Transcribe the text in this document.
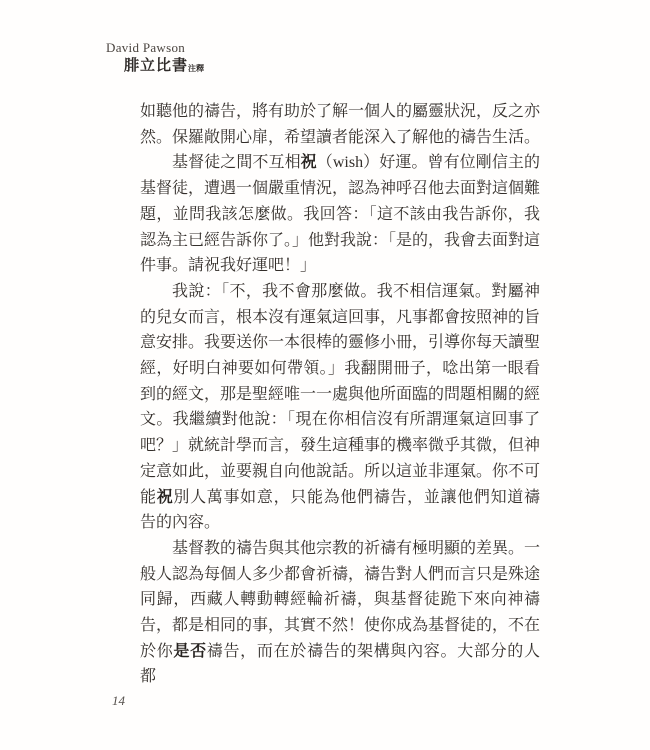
David Pawson
腓立比書注釋

如聽他的禱告，將有助於了解一個人的屬靈狀況，反之亦然。保羅敞開心扉，希望讀者能深入了解他的禱告生活。

基督徒之間不互相祝（wish）好運。曾有位剛信主的基督徒，遭遇一個嚴重情況，認為神呼召他去面對這個難題，並問我該怎麼做。我回答：「這不該由我告訴你，我認為主已經告訴你了。」他對我說：「是的，我會去面對這件事。請祝我好運吧！」

我說：「不，我不會那麼做。我不相信運氣。對屬神的兒女而言，根本沒有運氣這回事，凡事都會按照神的旨意安排。我要送你一本很棒的靈修小冊，引導你每天讀聖經，好明白神要如何帶領。」我翻開冊子，唸出第一眼看到的經文，那是聖經唯一一處與他所面臨的問題相關的經文。我繼續對他說：「現在你相信沒有所謂運氣這回事了吧？」就統計學而言，發生這種事的機率微乎其微，但神定意如此，並要親自向他說話。所以這並非運氣。你不可能祝別人萬事如意，只能為他們禱告，並讓他們知道禱告的內容。

基督教的禱告與其他宗教的祈禱有極明顯的差異。一般人認為每個人多少都會祈禱，禱告對人們而言只是殊途同歸，西藏人轉動轉經輪祈禱，與基督徒跪下來向神禱告，都是相同的事，其實不然！使你成為基督徒的，不在於你是否禱告，而在於禱告的架構與內容。大部分的人都

14
